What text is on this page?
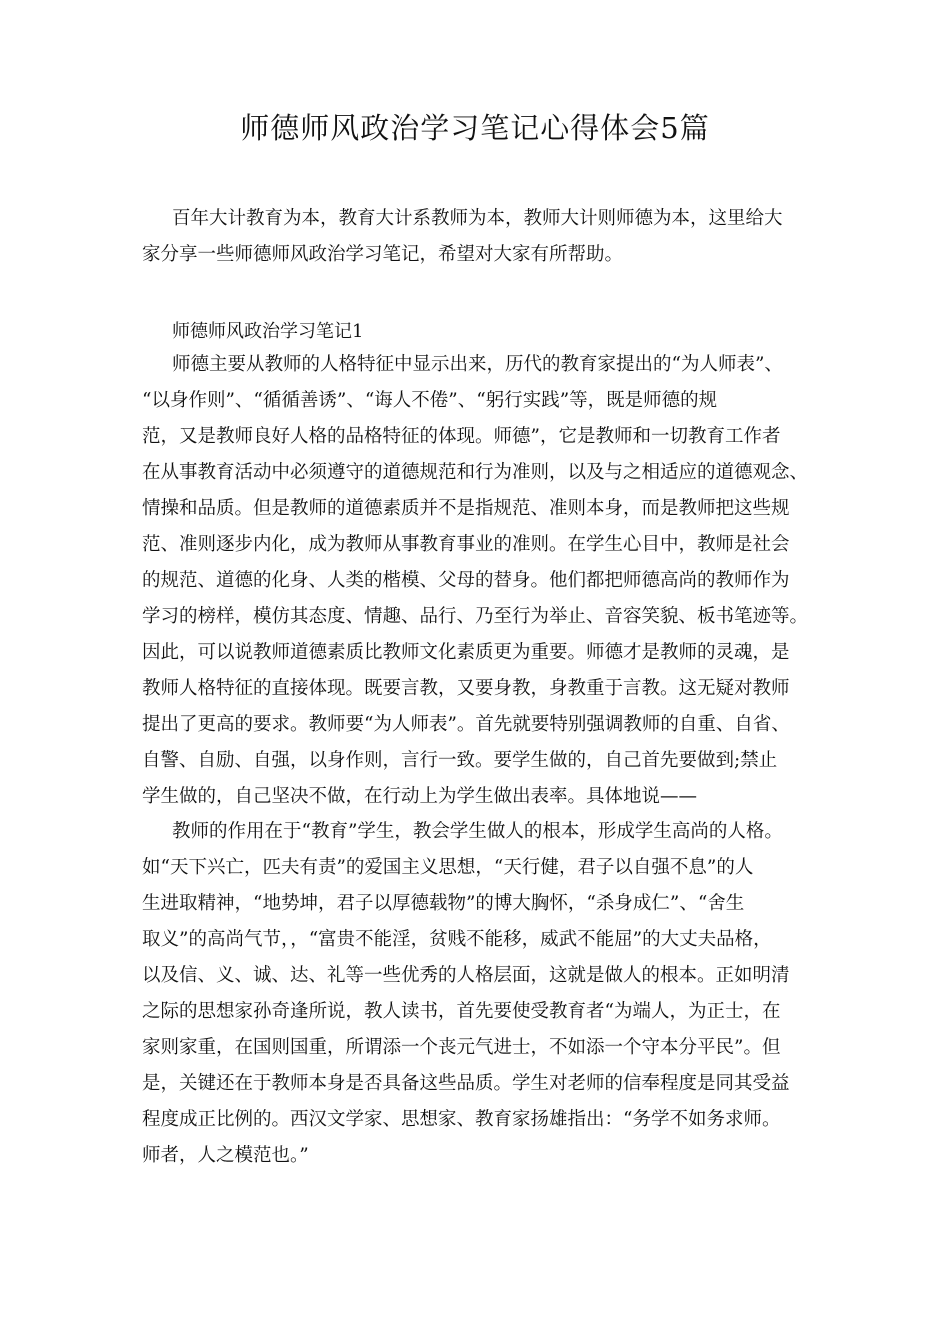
师德师风政治学习笔记心得体会5篇

百年大计教育为本，教育大计系教师为本，教师大计则师德为本，这里给大

家分享一些师德师风政治学习笔记，希望对大家有所帮助。

师德师风政治学习笔记1

师德主要从教师的人格特征中显示出来，历代的教育家提出的“为人师表”、

“以身作则”、“循循善诱”、“诲人不倦”、“躬行实践”等，既是师德的规

范，又是教师良好人格的品格特征的体现。师德”，它是教师和一切教育工作者

在从事教育活动中必须遵守的道德规范和行为准则，以及与之相适应的道德观念、

情操和品质。但是教师的道德素质并不是指规范、准则本身，而是教师把这些规

范、准则逐步内化，成为教师从事教育事业的准则。在学生心目中，教师是社会

的规范、道德的化身、人类的楷模、父母的替身。他们都把师德高尚的教师作为

学习的榜样，模仿其态度、情趣、品行、乃至行为举止、音容笑貌、板书笔迹等。

因此，可以说教师道德素质比教师文化素质更为重要。师德才是教师的灵魂，是

教师人格特征的直接体现。既要言教，又要身教，身教重于言教。这无疑对教师

提出了更高的要求。教师要“为人师表”。首先就要特别强调教师的自重、自省、

自警、自励、自强，以身作则，言行一致。要学生做的，自己首先要做到;禁止

学生做的，自己坚决不做，在行动上为学生做出表率。具体地说——

教师的作用在于“教育”学生，教会学生做人的根本，形成学生高尚的人格。

如“天下兴亡，匹夫有责”的爱国主义思想，“天行健，君子以自强不息”的人

生进取精神，“地势坤，君子以厚德载物”的博大胸怀，“杀身成仁”、“舍生

取义”的高尚气节，，“富贵不能淫，贫贱不能移，威武不能屈”的大丈夫品格，

以及信、义、诚、达、礼等一些优秀的人格层面，这就是做人的根本。正如明清

之际的思想家孙奇逢所说，教人读书，首先要使受教育者“为端人，为正士，在

家则家重，在国则国重，所谓添一个丧元气进士，不如添一个守本分平民”。但

是，关键还在于教师本身是否具备这些品质。学生对老师的信奉程度是同其受益

程度成正比例的。西汉文学家、思想家、教育家扬雄指出：“务学不如务求师。

师者，人之模范也。”
